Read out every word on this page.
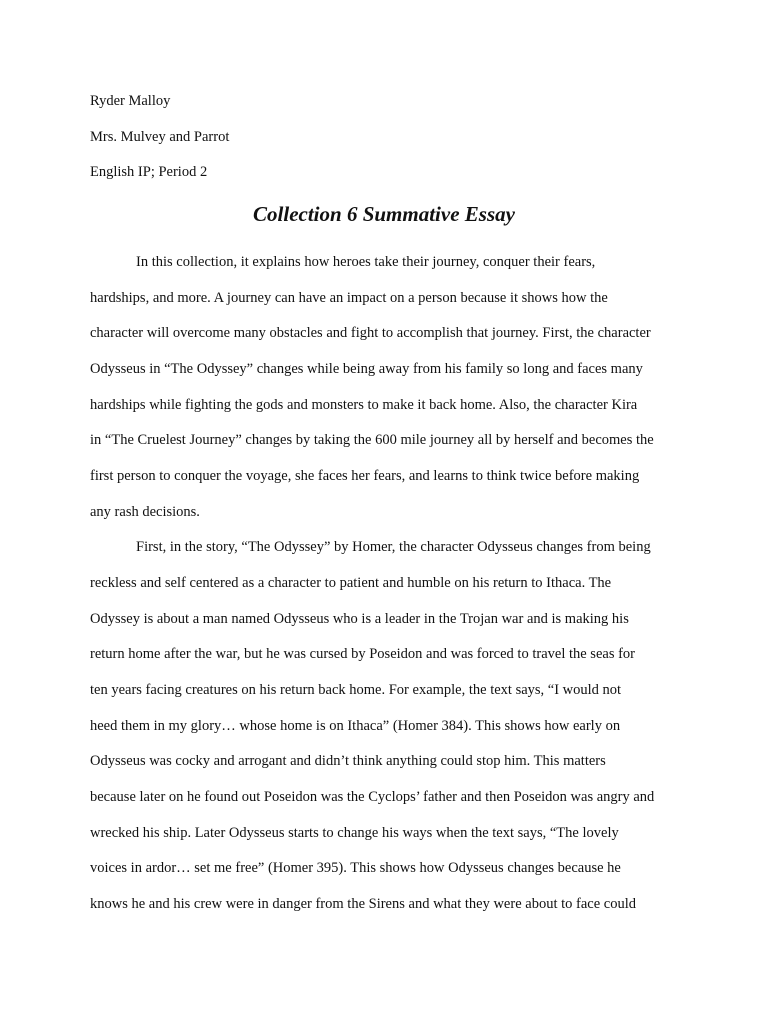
Ryder Malloy
Mrs. Mulvey and Parrot
English IP; Period 2
Collection 6 Summative Essay
In this collection, it explains how heroes take their journey, conquer their fears,
hardships, and more. A journey can have an impact on a person because it shows how the
character will overcome many obstacles and fight to accomplish that journey. First, the character
Odysseus in “The Odyssey” changes while being away from his family so long and faces many
hardships while fighting the gods and monsters to make it back home. Also, the character Kira
in “The Cruelest Journey” changes by taking the 600 mile journey all by herself and becomes the
first person to conquer the voyage, she faces her fears, and learns to think twice before making
any rash decisions.
First, in the story, “The Odyssey” by Homer, the character Odysseus changes from being
reckless and self centered as a character to patient and humble on his return to Ithaca. The
Odyssey is about a man named Odysseus who is a leader in the Trojan war and is making his
return home after the war, but he was cursed by Poseidon and was forced to travel the seas for
ten years facing creatures on his return back home. For example, the text says, “I would not
heed them in my glory… whose home is on Ithaca” (Homer 384). This shows how early on
Odysseus was cocky and arrogant and didn’t think anything could stop him. This matters
because later on he found out Poseidon was the Cyclops’ father and then Poseidon was angry and
wrecked his ship. Later Odysseus starts to change his ways when the text says, “The lovely
voices in ardor… set me free” (Homer 395). This shows how Odysseus changes because he
knows he and his crew were in danger from the Sirens and what they were about to face could
